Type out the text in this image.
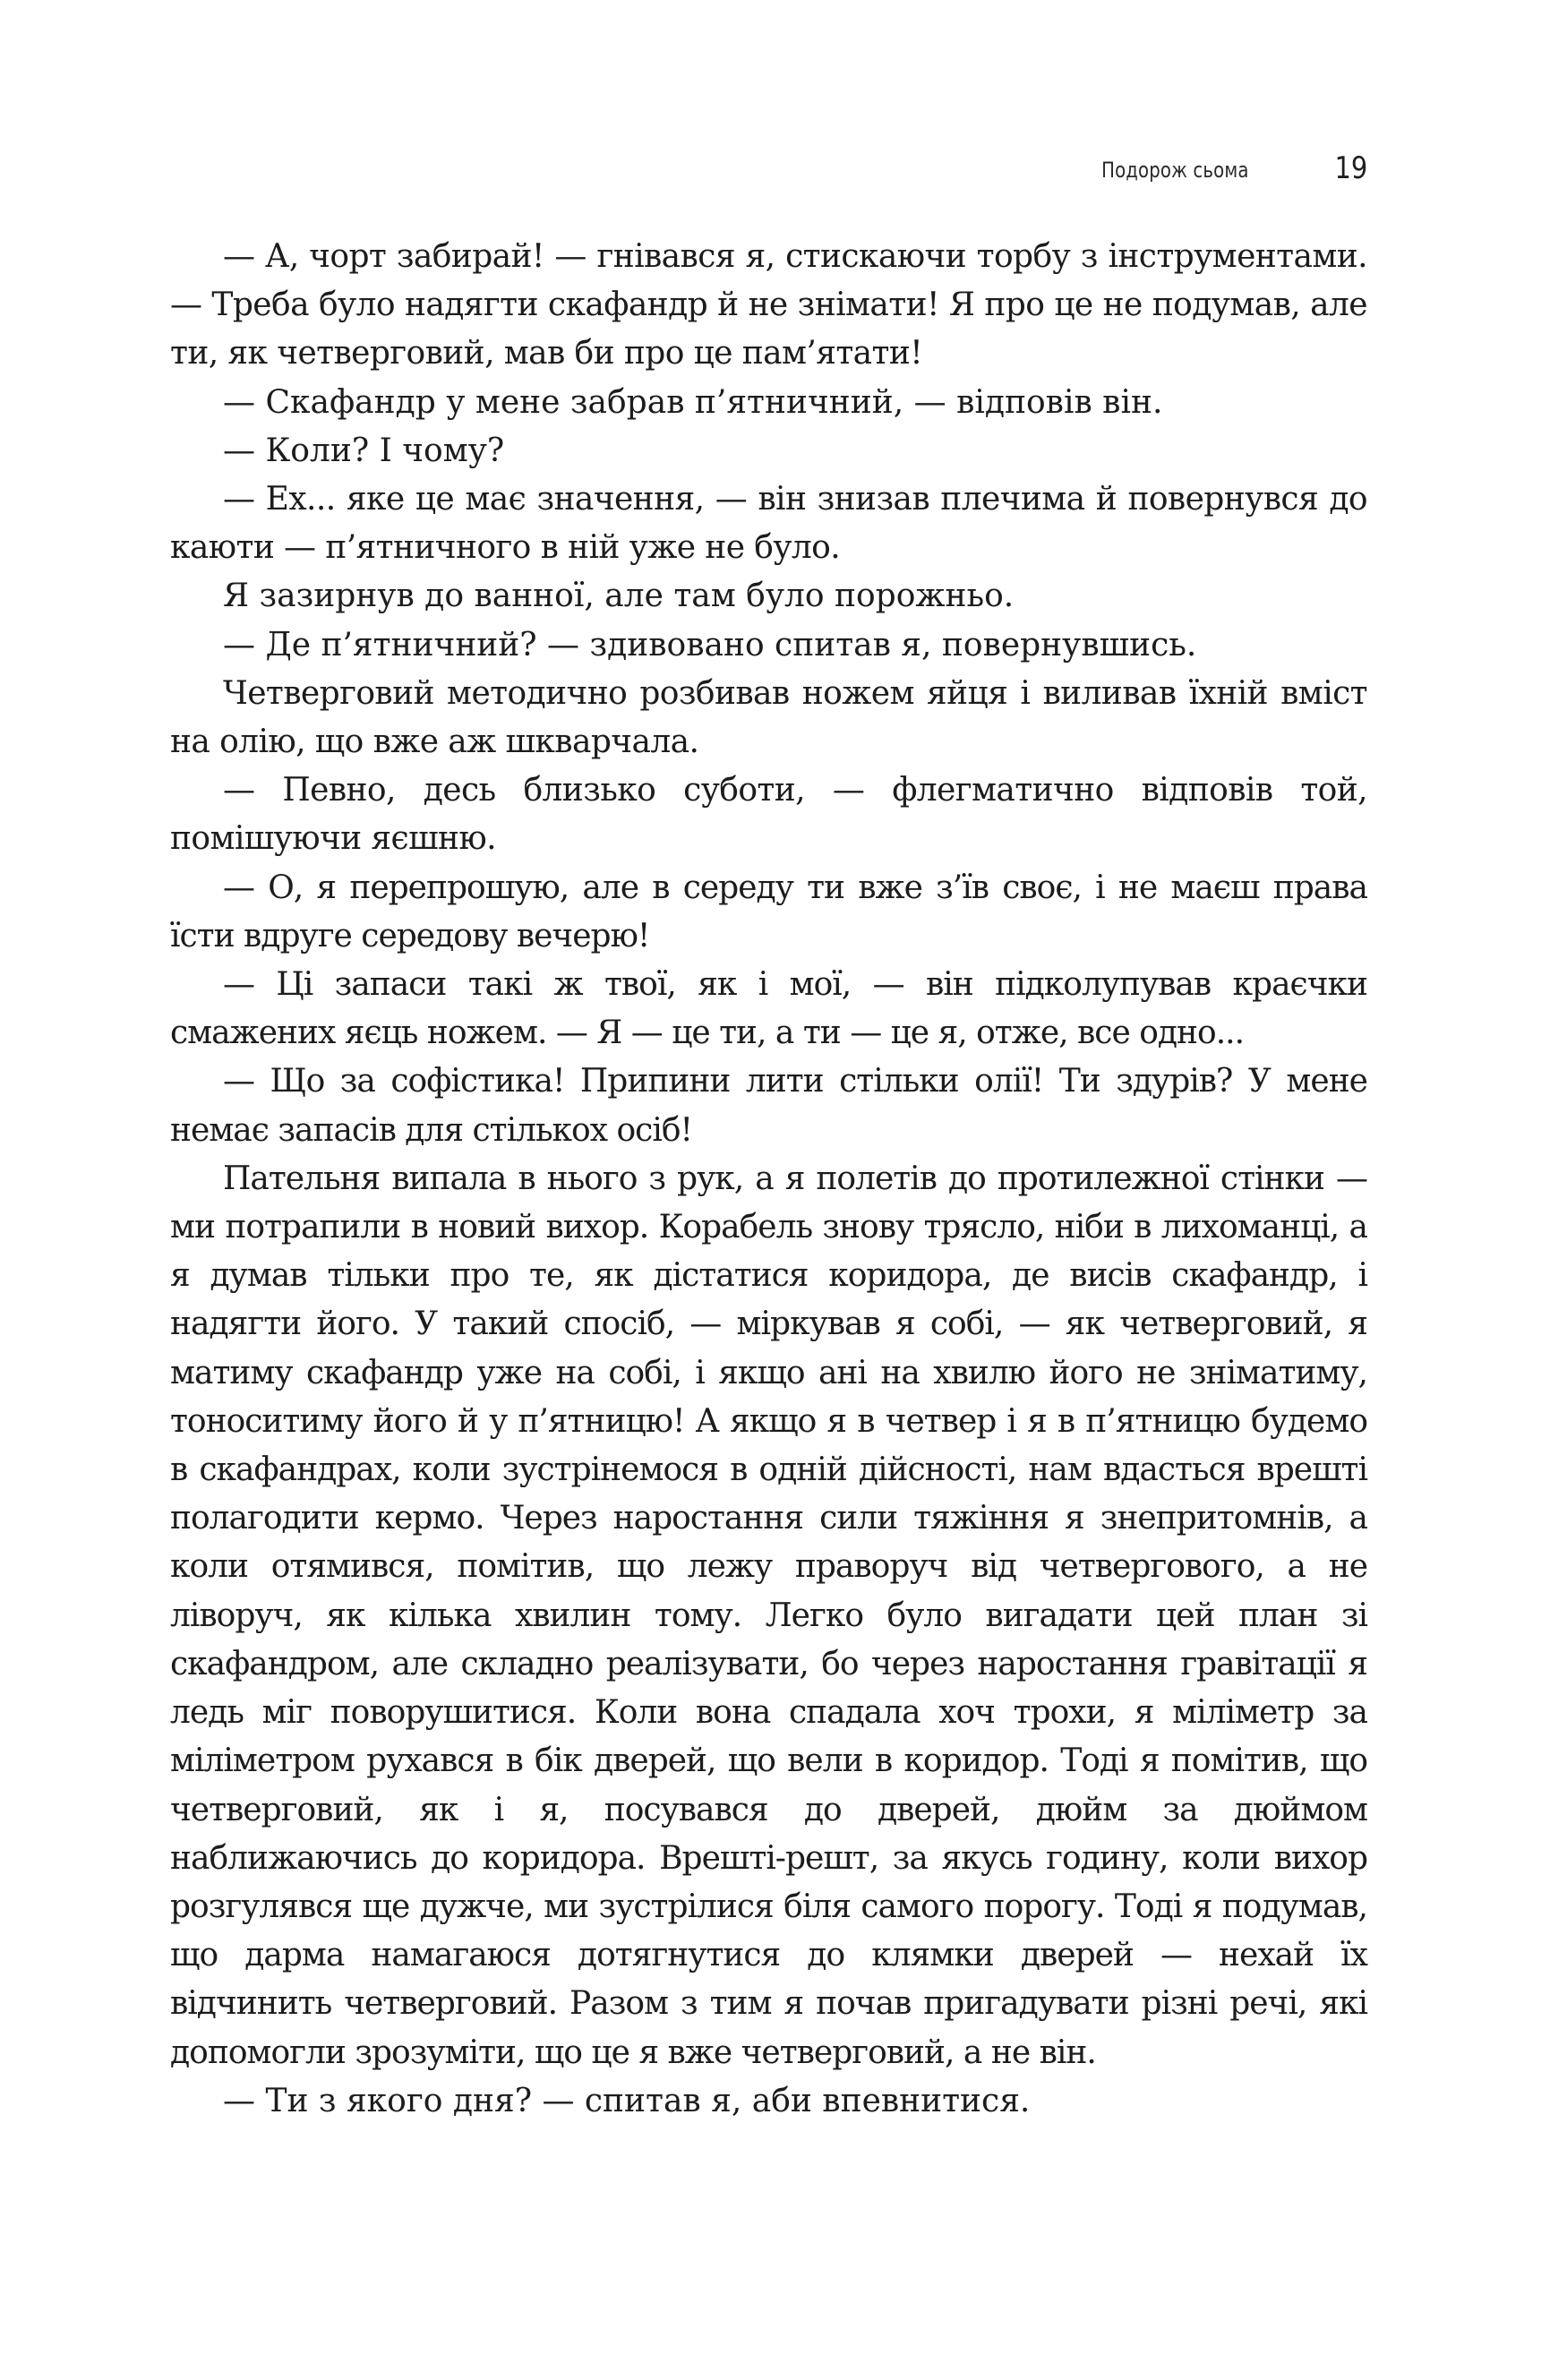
Подорож сьома	19

— А, чорт забирай! — гнівався я, стискаючи торбу з інструментами. — Треба було надягти скафандр й не знімати! Я про це не подумав, але ти, як четверговий, мав би про це пам’ятати!

— Скафандр у мене забрав п’ятничний, — відповів він.

— Коли? І чому?

— Ех... яке це має значення, — він знизав плечима й повернувся до каюти — п’ятничного в ній уже не було.

Я зазирнув до ванної, але там було порожньо.

— Де п’ятничний? — здивовано спитав я, повернувшись.

Четверговий методично розбивав ножем яйця і виливав їхній вміст на олію, що вже аж шкварчала.

— Певно, десь близько суботи, — флегматично відповів той, помішуючи яєшню.

— О, я перепрошую, але в середу ти вже з’їв своє, і не маєш права їсти вдруге середову вечерю!

— Ці запаси такі ж твої, як і мої, — він підколупував краєчки смажених яєць ножем. — Я — це ти, а ти — це я, отже, все одно...

— Що за софістика! Припини лити стільки олії! Ти здурів? У мене немає запасів для стількох осіб!

Пательня випала в нього з рук, а я полетів до протилежної стінки — ми потрапили в новий вихор. Корабель знову трясло, ніби в лихоманці, а я думав тільки про те, як дістатися коридора, де висів скафандр, і надягти його. У такий спосіб, — міркував я собі, — як четверговий, я матиму скафандр уже на собі, і якщо ані на хвилю його не зніматиму, тоноситиму його й у п’ятницю! А якщо я в четвер і я в п’ятницю будемо в скафандрах, коли зустрінемося в одній дійсності, нам вдасться врешті полагодити кермо. Через наростання сили тяжіння я знепритомнів, а коли отямився, помітив, що лежу праворуч від четвергового, а не ліворуч, як кілька хвилин тому. Легко було вигадати цей план зі скафандром, але складно реалізувати, бо через наростання гравітації я ледь міг поворушитися. Коли вона спадала хоч трохи, я міліметр за міліметром рухався в бік дверей, що вели в коридор. Тоді я помітив, що четверговий, як і я, посувався до дверей, дюйм за дюймом наближаючись до коридора. Врешті-решт, за якусь годину, коли вихор розгулявся ще дужче, ми зустрілися біля самого порогу. Тоді я подумав, що дарма намагаюся дотягнутися до клямки дверей — нехай їх відчинить четверговий. Разом з тим я почав пригадувати різні речі, які допомогли зрозуміти, що це я вже четверговий, а не він.

— Ти з якого дня? — спитав я, аби впевнитися.
